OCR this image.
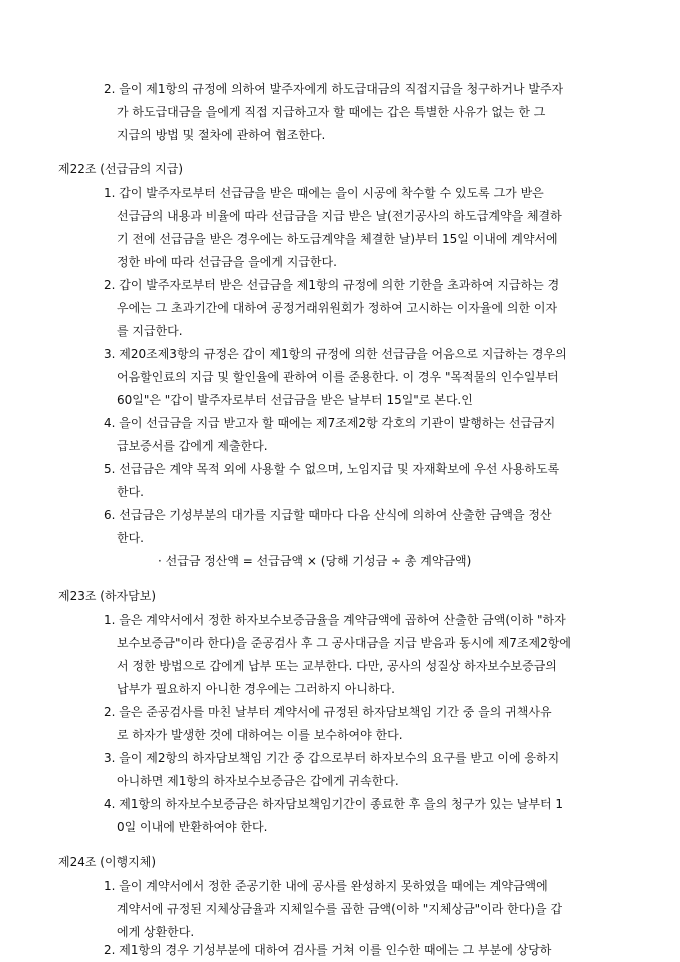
2. 을이 제1항의 규정에 의하여 발주자에게 하도급대금의 직접지급을 청구하거나 발주자
가 하도급대금을 을에게 직접 지급하고자 할 때에는 갑은 특별한 사유가 없는 한 그
지급의 방법 및 절차에 관하여 협조한다.
제22조 (선급금의 지급)
1. 갑이 발주자로부터 선급금을 받은 때에는 을이 시공에 착수할 수 있도록 그가 받은
선급금의 내용과 비율에 따라 선급금을 지급 받은 날(전기공사의 하도급계약을 체결하
기 전에 선급금을 받은 경우에는 하도급계약을 체결한 날)부터 15일 이내에 계약서에
정한 바에 따라 선급금을 을에게 지급한다.
2. 갑이 발주자로부터 받은 선급금을 제1항의 규정에 의한 기한을 초과하여 지급하는 경
우에는 그 초과기간에 대하여 공정거래위원회가 정하여 고시하는 이자율에 의한 이자
를 지급한다.
3. 제20조제3항의 규정은 갑이 제1항의 규정에 의한 선급금을 어음으로 지급하는 경우의
어음할인료의 지급 및 할인율에 관하여 이를 준용한다. 이 경우 "목적물의 인수일부터
60일"은 "갑이 발주자로부터 선급금을 받은 날부터 15일"로 본다.인
4. 을이 선급금을 지급 받고자 할 때에는 제7조제2항 각호의 기관이 발행하는 선급금지
급보증서를 갑에게 제출한다.
5. 선급금은 계약 목적 외에 사용할 수 없으며, 노임지급 및 자재확보에 우선 사용하도록
한다.
6. 선급금은 기성부분의 대가를 지급할 때마다 다음 산식에 의하여 산출한 금액을 정산
한다.
· 선급금 정산액 = 선급금액 × (당해 기성금 ÷ 총 계약금액)
제23조 (하자담보)
1. 을은 계약서에서 정한 하자보수보증금율을 계약금액에 곱하여 산출한 금액(이하 "하자
보수보증금"이라 한다)을 준공검사 후 그 공사대금을 지급 받음과 동시에 제7조제2항에
서 정한 방법으로 갑에게 납부 또는 교부한다. 다만, 공사의 성질상 하자보수보증금의
납부가 필요하지 아니한 경우에는 그러하지 아니하다.
2. 을은 준공검사를 마친 날부터 계약서에 규정된 하자담보책임 기간 중 을의 귀책사유
로 하자가 발생한 것에 대하여는 이를 보수하여야 한다.
3. 을이 제2항의 하자담보책임 기간 중 갑으로부터 하자보수의 요구를 받고 이에 응하지
아니하면 제1항의 하자보수보증금은 갑에게 귀속한다.
4. 제1항의 하자보수보증금은 하자담보책임기간이 종료한 후 을의 청구가 있는 날부터 1
0일 이내에 반환하여야 한다.
제24조 (이행지체)
1. 을이 계약서에서 정한 준공기한 내에 공사를 완성하지 못하였을 때에는 계약금액에
계약서에 규정된 지체상금율과 지체일수를 곱한 금액(이하 "지체상금"이라 한다)을 갑
에게 상환한다.
2. 제1항의 경우 기성부분에 대하여 검사를 거쳐 이를 인수한 때에는 그 부분에 상당하
